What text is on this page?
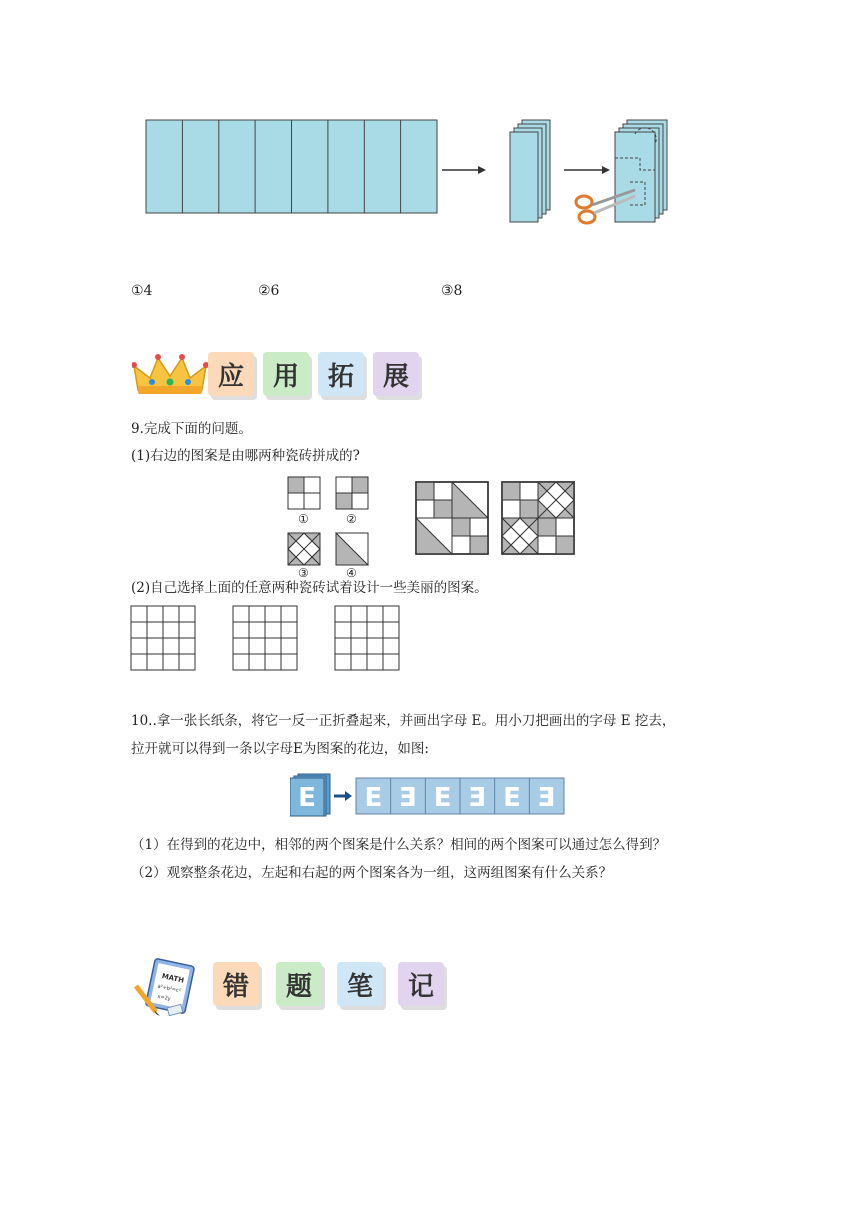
①4	②6	③8
应	用	拓	展
9.完成下面的问题。
(1)右边的图案是由哪两种瓷砖拼成的?
①	②
③	④
(2)自己选择上面的任意两种瓷砖试着设计一些美丽的图案。
10..拿一张长纸条，将它一反一正折叠起来，并画出字母 E。用小刀把画出的字母 E 挖去，
拉开就可以得到一条以字母E为图案的花边，如图:
E E E E E E E
（1）在得到的花边中，相邻的两个图案是什么关系？相间的两个图案可以通过怎么得到？
（2）观察整条花边，左起和右起的两个图案各为一组，这两组图案有什么关系？
MATH
a²+b²=c²
x=2y	错	题	笔	记
